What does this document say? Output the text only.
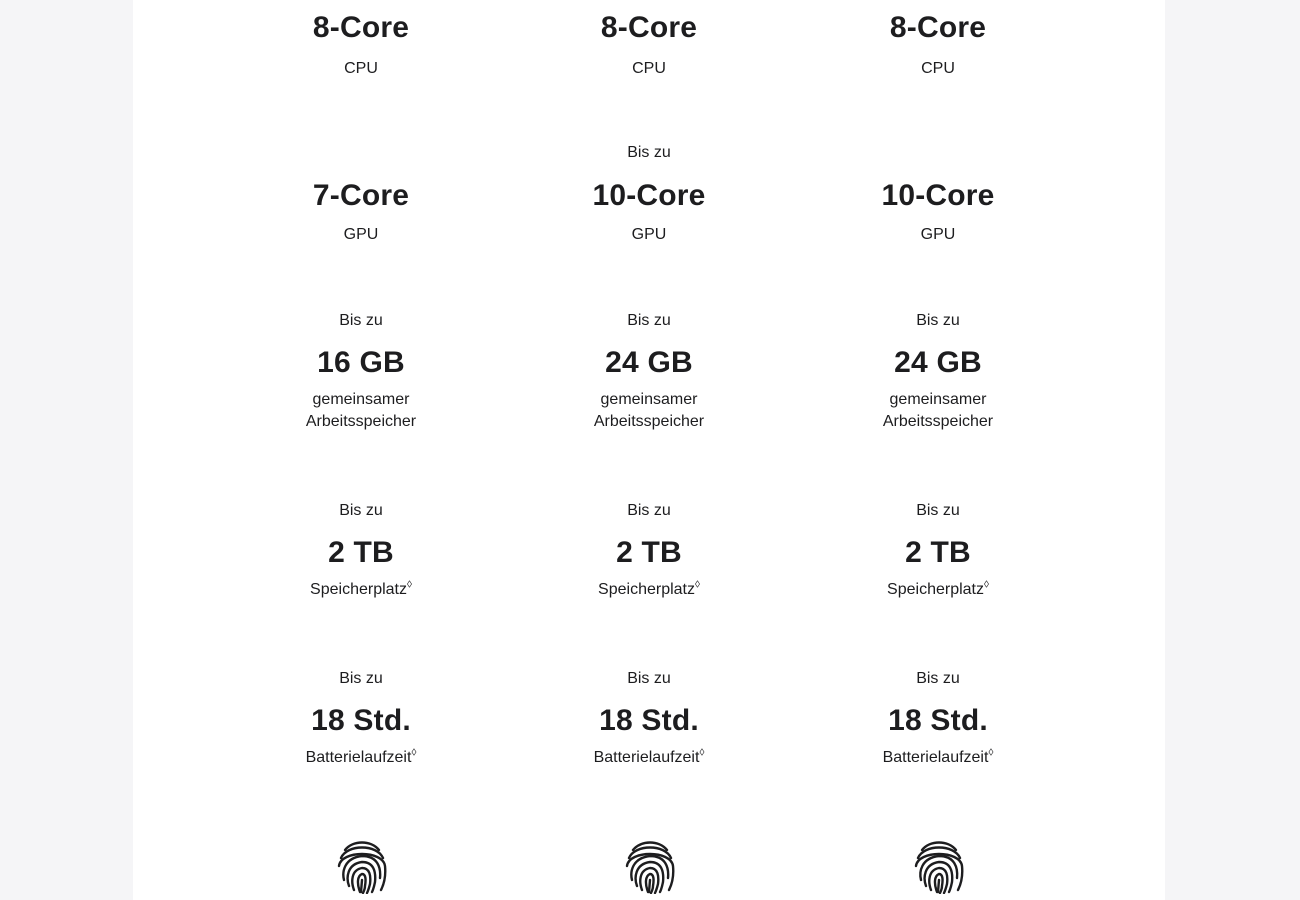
8-Core
CPU
7-Core
GPU
Bis zu
16 GB
gemeinsamer
Arbeitsspeicher
Bis zu
2 TB
Speicherplatz◊
Bis zu
18 Std.
Batterielaufzeit◊
8-Core
CPU
Bis zu
10-Core
GPU
Bis zu
24 GB
gemeinsamer
Arbeitsspeicher
Bis zu
2 TB
Speicherplatz◊
Bis zu
18 Std.
Batterielaufzeit◊
8-Core
CPU
10-Core
GPU
Bis zu
24 GB
gemeinsamer
Arbeitsspeicher
Bis zu
2 TB
Speicherplatz◊
Bis zu
18 Std.
Batterielaufzeit◊
